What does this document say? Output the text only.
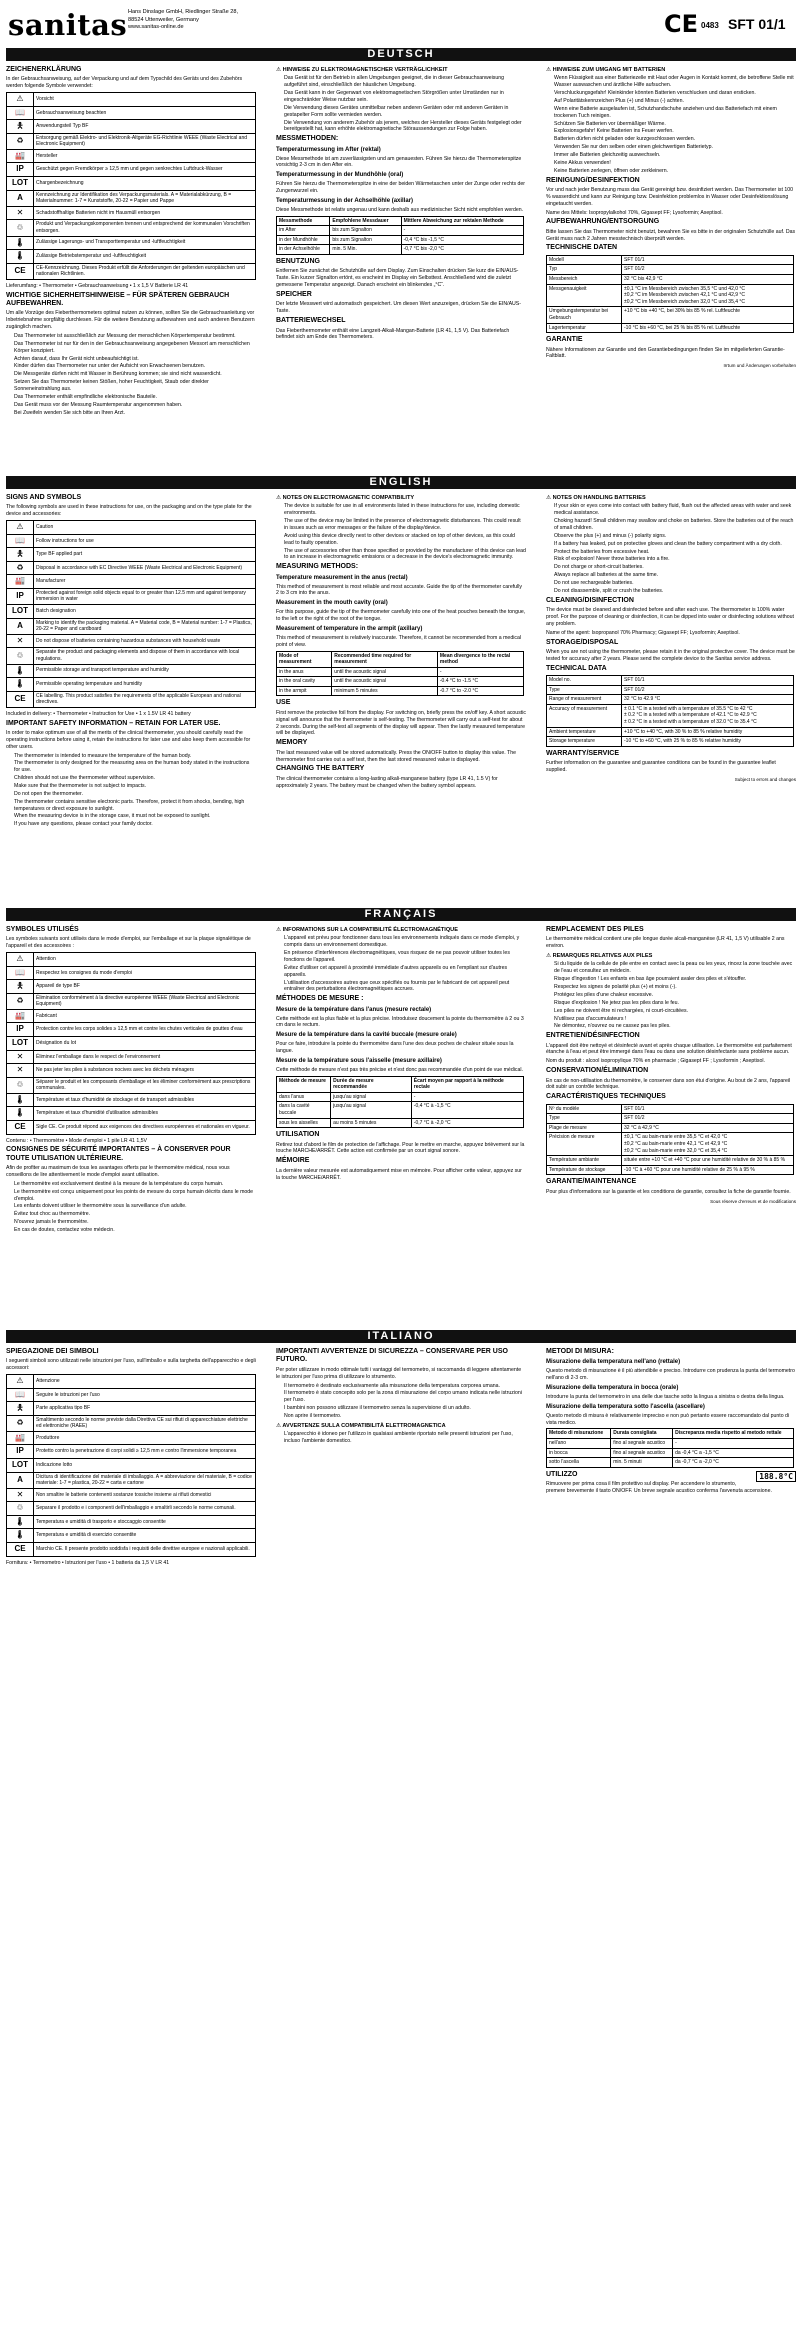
sanitas Hans Dinslage GmbH, Riedlinger Straße 28,
88524 Uttenweiler, Germany
www.sanitas-online.de	CE 0483 SFT 01/1
DEUTSCH
ZEICHENERKLÄRUNG

In der Gebrauchsanweisung, auf der Verpackung und auf dem Typschild des Geräts und des Zubehörs werden folgende Symbole verwendet:

⚠	Vorsicht
📖	Gebrauchsanweisung beachten
🯅	Anwendungsteil Typ BF
♻	Entsorgung gemäß Elektro- und Elektronik-Altgeräte EG-Richtlinie WEEE (Waste Electrical and Electronic Equipment)
🏭	Hersteller
IP	Geschützt gegen Fremdkörper ≥ 12,5 mm und gegen senkrechtes Luftdruck-Wasser
LOT	Chargenbezeichnung
A	Kennzeichnung zur Identifikation des Verpackungsmaterials. A = Materialabkürzung, B = Materialnummer: 1-7 = Kunststoffe, 20-22 = Papier und Pappe
✕	Schadstoffhaltige Batterien nicht im Hausmüll entsorgen
♲	Produkt und Verpackungskomponenten trennen und entsprechend der kommunalen Vorschriften entsorgen.
🌡	Zulässige Lagerungs- und Transporttemperatur und -luftfeuchtigkeit
🌡	Zulässige Betriebstemperatur und -luftfeuchtigkeit
CE	CE-Kennzeichnung. Dieses Produkt erfüllt die Anforderungen der geltenden europäischen und nationalen Richtlinien.

Lieferumfang: • Thermometer • Gebrauchsanweisung • 1 x 1,5 V Batterie LR 41

WICHTIGE SICHERHEITSHINWEISE – FÜR SPÄTEREN GEBRAUCH AUFBEWAHREN.

Um alle Vorzüge des Fieberthermometers optimal nutzen zu können, sollten Sie die Gebrauchsanleitung vor Inbetriebnahme sorgfältig durchlesen. Für die weitere Benutzung aufbewahren und auch anderen Benutzern zugänglich machen.

• Das Thermometer ist ausschließlich zur Messung der menschlichen Körpertemperatur bestimmt.
• Das Thermometer ist nur für den in der Gebrauchsanweisung angegebenen Messort am menschlichen Körper konzipiert.
• Achten darauf, dass Ihr Gerät nicht unbeaufsichtigt ist.
• Kinder dürfen das Thermometer nur unter der Aufsicht von Erwachsenen benutzen.
• Die Messgeräte dürfen nicht mit Wasser in Berührung kommen; sie sind nicht wasserdicht.
• Setzen Sie das Thermometer keinen Stößen, hoher Feuchtigkeit, Staub oder direkter Sonneneinstrahlung aus.
• Das Thermometer enthält empfindliche elektronische Bauteile.
• Das Gerät muss vor der Messung Raumtemperatur angenommen haben.
• Bei Zweifeln wenden Sie sich bitte an Ihren Arzt.
⚠ HINWEISE ZU ELEKTROMAGNETISCHER VERTRÄGLICHKEIT
• Das Gerät ist für den Betrieb in allen Umgebungen geeignet, die in dieser Gebrauchsanweisung aufgeführt sind, einschließlich der häuslichen Umgebung.
• Das Gerät kann in der Gegenwart von elektromagnetischen Störgrößen unter Umständen nur in eingeschränkter Weise nutzbar sein.
• Die Verwendung dieses Gerätes unmittelbar neben anderen Geräten oder mit anderen Geräten in gestapelter Form sollte vermieden werden.
• Die Verwendung von anderem Zubehör als jenem, welches der Hersteller dieses Geräts festgelegt oder bereitgestellt hat, kann erhöhte elektromagnetische Störaussendungen zur Folge haben.
MESSMETHODEN:
Temperaturmessung im After (rektal)

Diese Messmethode ist am zuverlässigsten und am genauesten. Führen Sie hierzu die Thermometerspitze vorsichtig 2-3 cm in den After ein.

Temperaturmessung in der Mundhöhle (oral)

Führen Sie hierzu die Thermometerspitze in eine der beiden Wärmetaschen unter der Zunge oder rechts der Zungenwurzel ein.

Temperaturmessung in der Achselhöhle (axillar)

Diese Messmethode ist relativ ungenau und kann deshalb aus medizinischer Sicht nicht empfohlen werden.

Messmethode	Empfohlene Messdauer	Mittlere Abweichung zur rektalen Methode
im After	bis zum Signalton	-
in der Mundhöhle	bis zum Signalton	-0,4 °C bis -1,5 °C
in der Achselhöhle	min. 5 Min.	-0,7 °C bis -2,0 °C
BENUTZUNG

Entfernen Sie zunächst die Schutzhülle auf dem Display. Zum Einschalten drücken Sie kurz die EIN/AUS-Taste. Ein kurzer Signalton ertönt, es erscheint im Display ein Selbsttest. Anschließend wird die zuletzt gemessene Temperatur angezeigt. Danach erscheint ein blinkendes „°C“.

SPEICHER

Der letzte Messwert wird automatisch gespeichert. Um diesen Wert anzuzeigen, drücken Sie die EIN/AUS-Taste.

BATTERIEWECHSEL

Das Fieberthermometer enthält eine Langzeit-Alkali-Mangan-Batterie (LR 41, 1,5 V). Das Batteriefach befindet sich am Ende des Thermometers.

⚠ HINWEISE ZUM UMGANG MIT BATTERIEN
• Wenn Flüssigkeit aus einer Batteriezelle mit Haut oder Augen in Kontakt kommt, die betroffene Stelle mit Wasser auswaschen und ärztliche Hilfe aufsuchen.
• Verschluckungsgefahr! Kleinkinder könnten Batterien verschlucken und daran ersticken.
• Auf Polaritätskennzeichen Plus (+) und Minus (-) achten.
• Wenn eine Batterie ausgelaufen ist, Schutzhandschuhe anziehen und das Batteriefach mit einem trockenen Tuch reinigen.
• Schützen Sie Batterien vor übermäßiger Wärme.
• Explosionsgefahr! Keine Batterien ins Feuer werfen.
• Batterien dürfen nicht geladen oder kurzgeschlossen werden.
• Verwenden Sie nur den selben oder einen gleichwertigen Batterietyp.
• Immer alle Batterien gleichzeitig auswechseln.
• Keine Akkus verwenden!
• Keine Batterien zerlegen, öffnen oder zerkleinern.
REINIGUNG/DESINFEKTION

Vor und nach jeder Benutzung muss das Gerät gereinigt bzw. desinfiziert werden. Das Thermometer ist 100 % wasserdicht und kann zur Reinigung bzw. Desinfektion problemlos in Wasser oder Desinfektionslösung eingetaucht werden.

Name des Mittels: Isopropylalkohol 70%, Gigasept FF; Lysoformin; Aseptisol.

AUFBEWAHRUNG/ENTSORGUNG

Bitte lassen Sie das Thermometer nicht benutzt, bewahren Sie es bitte in der originalen Schutzhülle auf. Das Gerät muss nach 2 Jahren messtechnisch überprüft werden.

TECHNISCHE DATEN
Modell	SFT 01/1
Typ	SFT 01/2
Messbereich	32 °C bis 42,9 °C
Messgenauigkeit	±0,1 °C im Messbereich zwischen 35,5 °C und 42,0 °C
±0,2 °C im Messbereich zwischen 42,1 °C und 42,9 °C
±0,2 °C im Messbereich zwischen 32,0 °C und 35,4 °C
Umgebungstemperatur bei Gebrauch	+10 °C bis +40 °C, bei 30% bis 85 % rel. Luftfeuchte
Lagertemperatur	-10 °C bis +60 °C, bei 25 % bis 85 % rel. Luftfeuchte
GARANTIE

Nähere Informationen zur Garantie und den Garantiebedingungen finden Sie im mitgelieferten Garantie-Faltblatt.

Irrtum und Änderungen vorbehalten
ENGLISH
SIGNS AND SYMBOLS

The following symbols are used in these instructions for use, on the packaging and on the type plate for the device and accessories:

⚠	Caution
📖	Follow instructions for use
🯅	Type BF applied part
♻	Disposal in accordance with EC Directive WEEE (Waste Electrical and Electronic Equipment)
🏭	Manufacturer
IP	Protected against foreign solid objects equal to or greater than 12.5 mm and against temporary immersion in water
LOT	Batch designation
A	Marking to identify the packaging material. A = Material code, B = Material number: 1-7 = Plastics, 20-22 = Paper and cardboard
✕	Do not dispose of batteries containing hazardous substances with household waste
♲	Separate the product and packaging elements and dispose of them in accordance with local regulations.
🌡	Permissible storage and transport temperature and humidity
🌡	Permissible operating temperature and humidity
CE	CE labelling. This product satisfies the requirements of the applicable European and national directives.

Included in delivery: • Thermometer • Instruction for Use • 1 x 1.5V LR 41 battery

IMPORTANT SAFETY INFORMATION – RETAIN FOR LATER USE.

In order to make optimum use of all the merits of the clinical thermometer, you should carefully read the operating instructions before using it, retain the instructions for later use and also keep them accessible for other users.

• The thermometer is intended to measure the temperature of the human body.
• The thermometer is only designed for the measuring area on the human body stated in the instructions for use.
• Children should not use the thermometer without supervision.
• Make sure that the thermometer is not subject to impacts.
• Do not open the thermometer.
• The thermometer contains sensitive electronic parts. Therefore, protect it from shocks, bending, high temperatures or direct exposure to sunlight.
• When the measuring device is in the storage case, it must not be exposed to sunlight.
• If you have any questions, please contact your family doctor.
⚠ NOTES ON ELECTROMAGNETIC COMPATIBILITY
• The device is suitable for use in all environments listed in these instructions for use, including domestic environments.
• The use of the device may be limited in the presence of electromagnetic disturbances. This could result in issues such as error messages or the failure of the display/device.
• Avoid using this device directly next to other devices or stacked on top of other devices, as this could lead to faulty operation.
• The use of accessories other than those specified or provided by the manufacturer of this device can lead to an increase in electromagnetic emissions or a decrease in the device's electromagnetic immunity.
MEASURING METHODS:
Temperature measurement in the anus (rectal)

This method of measurement is most reliable and most accurate. Guide the tip of the thermometer carefully 2 to 3 cm into the anus.

Measurement in the mouth cavity (oral)

For this purpose, guide the tip of the thermometer carefully into one of the heat pouches beneath the tongue, to the left or the right of the root of the tongue.

Measurement of temperature in the armpit (axillary)

This method of measurement is relatively inaccurate. Therefore, it cannot be recommended from a medical point of view.

Mode of measurement	Recommended time required for measurement	Mean divergence to the rectal method
in the anus	until the acoustic signal	-
in the oral cavity	until the acoustic signal	-0.4 °C to -1.5 °C
in the armpit	minimum 5 minutes	-0.7 °C to -2.0 °C
USE

First remove the protective foil from the display. For switching on, briefly press the on/off key. A short acoustic signal will announce that the thermometer is self-testing. The thermometer will carry out a self-test for about 2 seconds. During the self-test all segments of the display will appear. Then the lastly measured temperature will be displayed.

MEMORY

The last measured value will be stored automatically. Press the ON/OFF button to display this value. The thermometer first carries out a self test, then the last stored measured value is displayed.

CHANGING THE BATTERY

The clinical thermometer contains a long-lasting alkali-manganese battery (type LR 41, 1.5 V) for approximately 2 years. The battery must be changed when the battery symbol appears.

⚠ NOTES ON HANDLING BATTERIES
• If your skin or eyes come into contact with battery fluid, flush out the affected areas with water and seek medical assistance.
• Choking hazard! Small children may swallow and choke on batteries. Store the batteries out of the reach of small children.
• Observe the plus (+) and minus (-) polarity signs.
• If a battery has leaked, put on protective gloves and clean the battery compartment with a dry cloth.
• Protect the batteries from excessive heat.
• Risk of explosion! Never throw batteries into a fire.
• Do not charge or short-circuit batteries.
• Always replace all batteries at the same time.
• Do not use rechargeable batteries.
• Do not disassemble, split or crush the batteries.
CLEANING/DISINFECTION

The device must be cleaned and disinfected before and after each use. The thermometer is 100% water proof. For the purpose of cleaning or disinfection, it can be dipped into water or disinfecting solutions without any problem.

Name of the agent: Isopropanol 70% Pharmacy; Gigasept FF; Lysoformin; Aseptisol.

STORAGE/DISPOSAL

When you are not using the thermometer, please retain it in the original protective cover. The device must be tested for accuracy after 2 years. Please send the complete device to the Sanitas service address.

TECHNICAL DATA
Model no.	SFT 01/1
Type	SFT 01/2
Range of measurement	32 °C to 42.9 °C
Accuracy of measurement	± 0.1 °C in a tested with a temperature of 35.5 °C to 42 °C
± 0.2 °C in a tested with a temperature of 42.1 °C to 42.9 °C
± 0.2 °C in a tested with a temperature of 32.0 °C to 35.4 °C
Ambient temperature	+10 °C to +40 °C, with 30 % to 85 % relative humidity
Storage temperature	-10 °C to +60 °C, with 25 % to 85 % relative humidity
WARRANTY/SERVICE

Further information on the guarantee and guarantee conditions can be found in the guarantee leaflet supplied.

Subject to errors and changes
FRANÇAIS
SYMBOLES UTILISÉS

Les symboles suivants sont utilisés dans le mode d'emploi, sur l'emballage et sur la plaque signalétique de l'appareil et des accessoires :

⚠	Attention
📖	Respectez les consignes du mode d'emploi
🯅	Appareil de type BF
♻	Élimination conformément à la directive européenne WEEE (Waste Electrical and Electronic Equipment)
🏭	Fabricant
IP	Protection contre les corps solides ≥ 12,5 mm et contre les chutes verticales de gouttes d'eau
LOT	Désignation du lot
✕	Éliminez l'emballage dans le respect de l'environnement
✕	Ne pas jeter les piles à substances nocives avec les déchets ménagers
♲	Séparer le produit et les composants d'emballage et les éliminer conformément aux prescriptions communales.
🌡	Température et taux d'humidité de stockage et de transport admissibles
🌡	Température et taux d'humidité d'utilisation admissibles
CE	Sigle CE. Ce produit répond aux exigences des directives européennes et nationales en vigueur.

Contenu : • Thermomètre • Mode d'emploi • 1 pile LR 41 1,5V

CONSIGNES DE SÉCURITÉ IMPORTANTES – À CONSERVER POUR TOUTE UTILISATION ULTÉRIEURE.

Afin de profiter au maximum de tous les avantages offerts par le thermomètre médical, nous vous conseillons de lire attentivement le mode d'emploi avant utilisation.

• Le thermomètre est exclusivement destiné à la mesure de la température du corps humain.
• Le thermomètre est conçu uniquement pour les points de mesure du corps humain décrits dans le mode d'emploi.
• Les enfants doivent utiliser le thermomètre sous la surveillance d'un adulte.
• Évitez tout choc au thermomètre.
• N'ouvrez jamais le thermomètre.
• En cas de doutes, contactez votre médecin.
⚠ INFORMATIONS SUR LA COMPATIBILITÉ ÉLECTROMAGNÉTIQUE
• L'appareil est prévu pour fonctionner dans tous les environnements indiqués dans ce mode d'emploi, y compris dans un environnement domestique.
• En présence d'interférences électromagnétiques, vous risquez de ne pas pouvoir utiliser toutes les fonctions de l'appareil.
• Évitez d'utiliser cet appareil à proximité immédiate d'autres appareils ou en l'empilant sur d'autres appareils.
• L'utilisation d'accessoires autres que ceux spécifiés ou fournis par le fabricant de cet appareil peut entraîner des perturbations électromagnétiques accrues.
MÉTHODES DE MESURE :
Mesure de la température dans l'anus (mesure rectale)

Cette méthode est la plus fiable et la plus précise. Introduisez doucement la pointe du thermomètre à 2 ou 3 cm dans le rectum.

Mesure de la température dans la cavité buccale (mesure orale)

Pour ce faire, introduire la pointe du thermomètre dans l'une des deux poches de chaleur située sous la langue.

Mesure de la température sous l'aisselle (mesure axillaire)

Cette méthode de mesure n'est pas très précise et n'est donc pas recommandée d'un point de vue médical.

Méthode de mesure	Durée de mesure recommandée	Écart moyen par rapport à la méthode rectale
dans l'anus	jusqu'au signal	-
dans la cavité buccale	jusqu'au signal	-0,4 °C à -1,5 °C
sous les aisselles	au moins 5 minutes	-0,7 °C à -2,0 °C
UTILISATION

Retirez tout d'abord le film de protection de l'affichage. Pour le mettre en marche, appuyez brièvement sur la touche MARCHE/ARRÊT. Cette action est confirmée par un court signal sonore.

MÉMOIRE

La dernière valeur mesurée est automatiquement mise en mémoire. Pour afficher cette valeur, appuyez sur la touche MARCHE/ARRÊT.

REMPLACEMENT DES PILES

Le thermomètre médical contient une pile longue durée alcali-manganèse (LR 41, 1,5 V) utilisable 2 ans environ.

⚠ REMARQUES RELATIVES AUX PILES
• Si du liquide de la cellule de pile entre en contact avec la peau ou les yeux, rincez la zone touchée avec de l'eau et consultez un médecin.
• Risque d'ingestion ! Les enfants en bas âge pourraient avaler des piles et s'étouffer.
• Respectez les signes de polarité plus (+) et moins (-).
• Protégez les piles d'une chaleur excessive.
• Risque d'explosion ! Ne jetez pas les piles dans le feu.
• Les piles ne doivent être ni rechargées, ni court-circuitées.
• N'utilisez pas d'accumulateurs !
• Ne démontez, n'ouvrez ou ne cassez pas les piles.
ENTRETIEN/DÉSINFECTION

L'appareil doit être nettoyé et désinfecté avant et après chaque utilisation. Le thermomètre est parfaitement étanche à l'eau et peut être immergé dans l'eau ou dans une solution désinfectante sans problème aucun.

Nom du produit : alcool isopropylique 70% en pharmacie ; Gigasept FF ; Lysoformin ; Aseptisol.

CONSERVATION/ÉLIMINATION

En cas de non-utilisation du thermomètre, le conserver dans son étui d'origine. Au bout de 2 ans, l'appareil doit subir un contrôle technique.

CARACTÉRISTIQUES TECHNIQUES
Nº du modèle	SFT 01/1
Type	SFT 01/2
Plage de mesure	32 °C à 42,9 °C
Précision de mesure	±0,1 °C au bain-marie entre 35,5 °C et 42,0 °C
±0,2 °C au bain-marie entre 42,1 °C et 42,9 °C
±0,2 °C au bain-marie entre 32,0 °C et 35,4 °C
Température ambiante	située entre +10 °C et +40 °C pour une humidité relative de 30 % à 85 %
Température de stockage	-10 °C à +60 °C pour une humidité relative de 25 % à 95 %
GARANTIE/MAINTENANCE

Pour plus d'informations sur la garantie et les conditions de garantie, consultez la fiche de garantie fournie.

Sous réserve d'erreurs et de modifications
ITALIANO
SPIEGAZIONE DEI SIMBOLI

I seguenti simboli sono utilizzati nelle istruzioni per l'uso, sull'imballo e sulla targhetta dell'apparecchio e degli accessori:

⚠	Attenzione
📖	Seguire le istruzioni per l'uso
🯅	Parte applicativa tipo BF
♻	Smaltimento secondo le norme previste dalla Direttiva CE sui rifiuti di apparecchiature elettriche ed elettroniche (RAEE)
🏭	Produttore
IP	Protetto contro la penetrazione di corpi solidi ≥ 12,5 mm e contro l'immersione temporanea
LOT	Indicazione lotto
A	Dicitura di identificazione del materiale di imballaggio. A = abbreviazione del materiale, B = codice materiale: 1-7 = plastica, 20-22 = carta e cartone
✕	Non smaltire le batterie contenenti sostanze tossiche insieme ai rifiuti domestici
♲	Separare il prodotto e i componenti dell'imballaggio e smaltirli secondo le norme comunali.
🌡	Temperatura e umidità di trasporto e stoccaggio consentite
🌡	Temperatura e umidità di esercizio consentite
CE	Marchio CE. Il presente prodotto soddisfa i requisiti delle direttive europee e nazionali applicabili.

Fornitura: • Termometro • Istruzioni per l'uso • 1 batteria da 1,5 V LR 41

IMPORTANTI AVVERTENZE DI SICUREZZA – CONSERVARE PER USO FUTURO.

Per poter utilizzare in modo ottimale tutti i vantaggi del termometro, si raccomanda di leggere attentamente le istruzioni per l'uso prima di utilizzare lo strumento.

• Il termometro è destinato esclusivamente alla misurazione della temperatura corporea umana.
• Il termometro è stato concepito solo per la zona di misurazione del corpo umano indicata nelle istruzioni per l'uso.
• I bambini non possono utilizzare il termometro senza la supervisione di un adulto.
• Non aprire il termometro.
⚠ AVVERTENZE SULLA COMPATIBILITÀ ELETTROMAGNETICA
• L'apparecchio è idoneo per l'utilizzo in qualsiasi ambiente riportato nelle presenti istruzioni per l'uso, incluso l'ambiente domestico.
METODI DI MISURA:
Misurazione della temperatura nell'ano (rettale)

Questo metodo di misurazione è il più attendibile e preciso. Introdurre con prudenza la punta del termometro nell'ano di 2-3 cm.

Misurazione della temperatura in bocca (orale)

Introdurre la punta del termometro in una delle due tasche sotto la lingua a sinistra o destra della lingua.

Misurazione della temperatura sotto l'ascella (ascellare)

Questo metodo di misura è relativamente impreciso e non può pertanto essere raccomandato dal punto di vista medico.

Metodo di misurazione	Durata consigliata	Discrepanza media rispetto al metodo rettale
nell'ano	fino al segnale acustico	-
in bocca	fino al segnale acustico	da -0,4 °C a -1,5 °C
sotto l'ascella	min. 5 minuti	da -0,7 °C a -2,0 °C
UTILIZZO	188.8°C

Rimuovere per prima cosa il film protettivo sul display. Per accendere lo strumento, premere brevemente il tasto ON/OFF. Un breve segnale acustico conferma l'avvenuta accensione.
